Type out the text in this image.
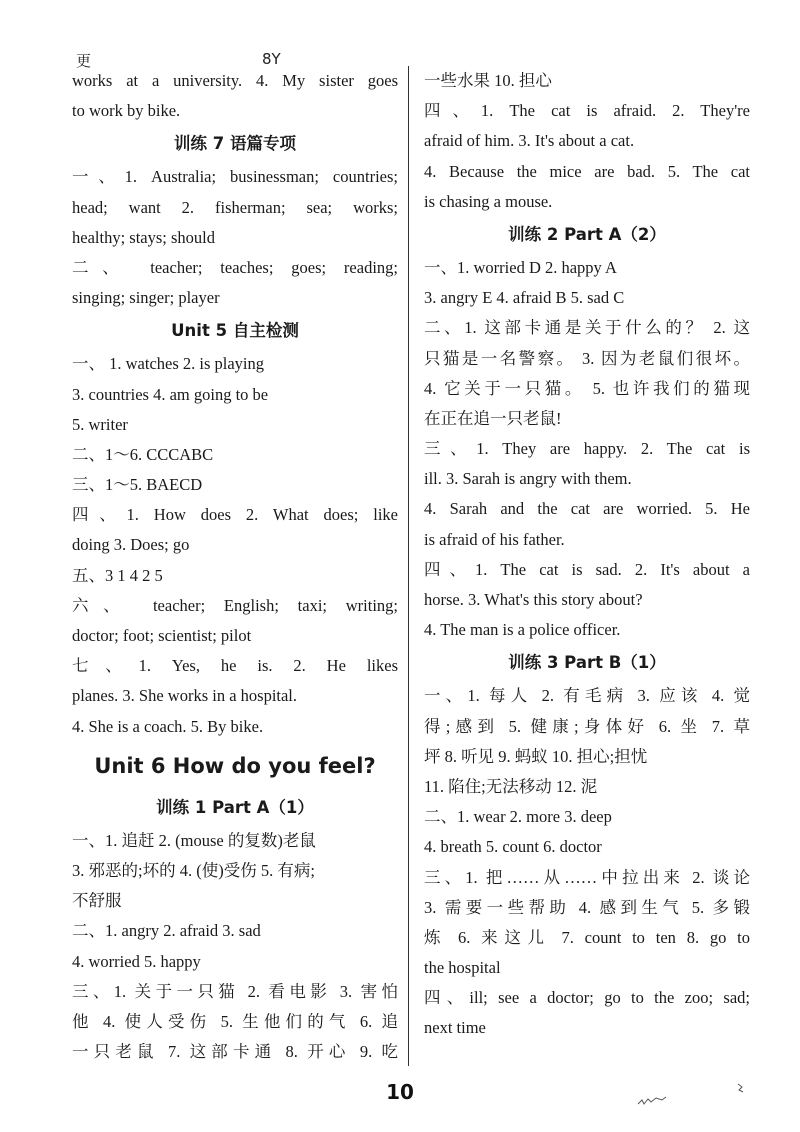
更	8Y
works at a university. 4. My sister goes
to work by bike.
训练 7 语篇专项
一、1. Australia; businessman; countries;
head; want 2. fisherman; sea; works;
healthy; stays; should
二、 teacher; teaches; goes; reading;
singing; singer; player
Unit 5 自主检测
一、 1. watches 2. is playing
3. countries 4. am going to be
5. writer
二、1～6. CCCABC
三、1～5. BAECD
四、1. How does 2. What does; like
doing 3. Does; go
五、3 1 4 2 5
六、 teacher; English; taxi; writing;
doctor; foot; scientist; pilot
七、1. Yes, he is. 2. He likes
planes. 3. She works in a hospital.
4. She is a coach. 5. By bike.
Unit 6 How do you feel?
训练 1 Part A（1）
一、1. 追赶 2. (mouse 的复数)老鼠
3. 邪恶的;坏的 4. (使)受伤 5. 有病;
不舒服
二、1. angry 2. afraid 3. sad
4. worried 5. happy
三、1. 关于一只猫 2. 看电影 3. 害怕
他 4. 使人受伤 5. 生他们的气 6. 追
一只老鼠 7. 这部卡通 8. 开心 9. 吃
一些水果 10. 担心
四、1. The cat is afraid. 2. They're
afraid of him. 3. It's about a cat.
4. Because the mice are bad. 5. The cat
is chasing a mouse.
训练 2 Part A（2）
一、1. worried D 2. happy A
3. angry E 4. afraid B 5. sad C
二、1. 这部卡通是关于什么的？ 2. 这
只猫是一名警察。 3. 因为老鼠们很坏。
4. 它关于一只猫。 5. 也许我们的猫现
在正在追一只老鼠!
三、1. They are happy. 2. The cat is
ill. 3. Sarah is angry with them.
4. Sarah and the cat are worried. 5. He
is afraid of his father.
四、1. The cat is sad. 2. It's about a
horse. 3. What's this story about?
4. The man is a police officer.
训练 3 Part B（1）
一、1. 每人 2. 有毛病 3. 应该 4. 觉
得;感到 5. 健康;身体好 6. 坐 7. 草
坪 8. 听见 9. 蚂蚁 10. 担心;担忧
11. 陷住;无法移动 12. 泥
二、1. wear 2. more 3. deep
4. breath 5. count 6. doctor
三、1. 把……从……中拉出来 2. 谈论
3. 需要一些帮助 4. 感到生气 5. 多锻
炼 6. 来这儿 7. count to ten 8. go to
the hospital
四、ill; see a doctor; go to the zoo; sad;
next time
10
